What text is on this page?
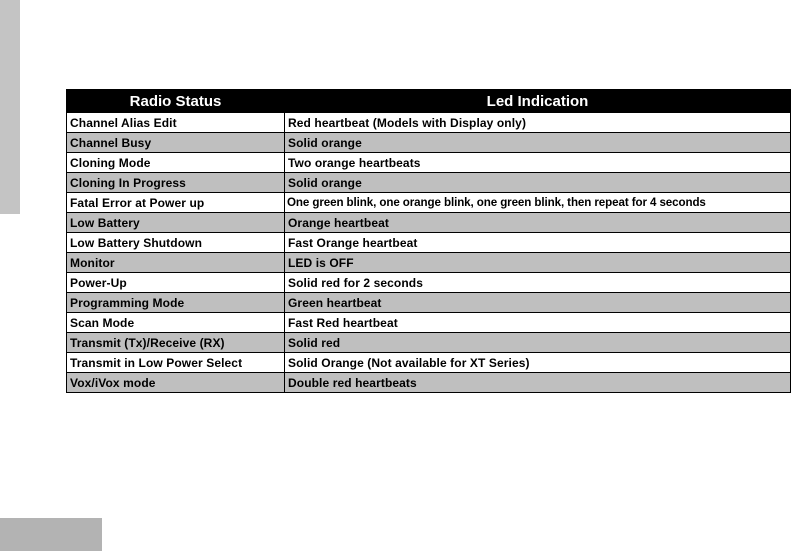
Radio Status	Led Indication
Channel Alias Edit	Red heartbeat (Models with Display only)
Channel Busy	Solid orange
Cloning Mode	Two orange heartbeats
Cloning In Progress	Solid orange
Fatal Error at Power up	One green blink, one orange blink, one green blink, then repeat for 4 seconds
Low Battery	Orange heartbeat
Low Battery Shutdown	Fast Orange heartbeat
Monitor	LED is OFF
Power-Up	Solid red for 2 seconds
Programming Mode	Green heartbeat
Scan Mode	Fast Red heartbeat
Transmit (Tx)/Receive (RX)	Solid red
Transmit in Low Power Select	Solid Orange (Not available for XT Series)
Vox/iVox mode	Double red heartbeats
